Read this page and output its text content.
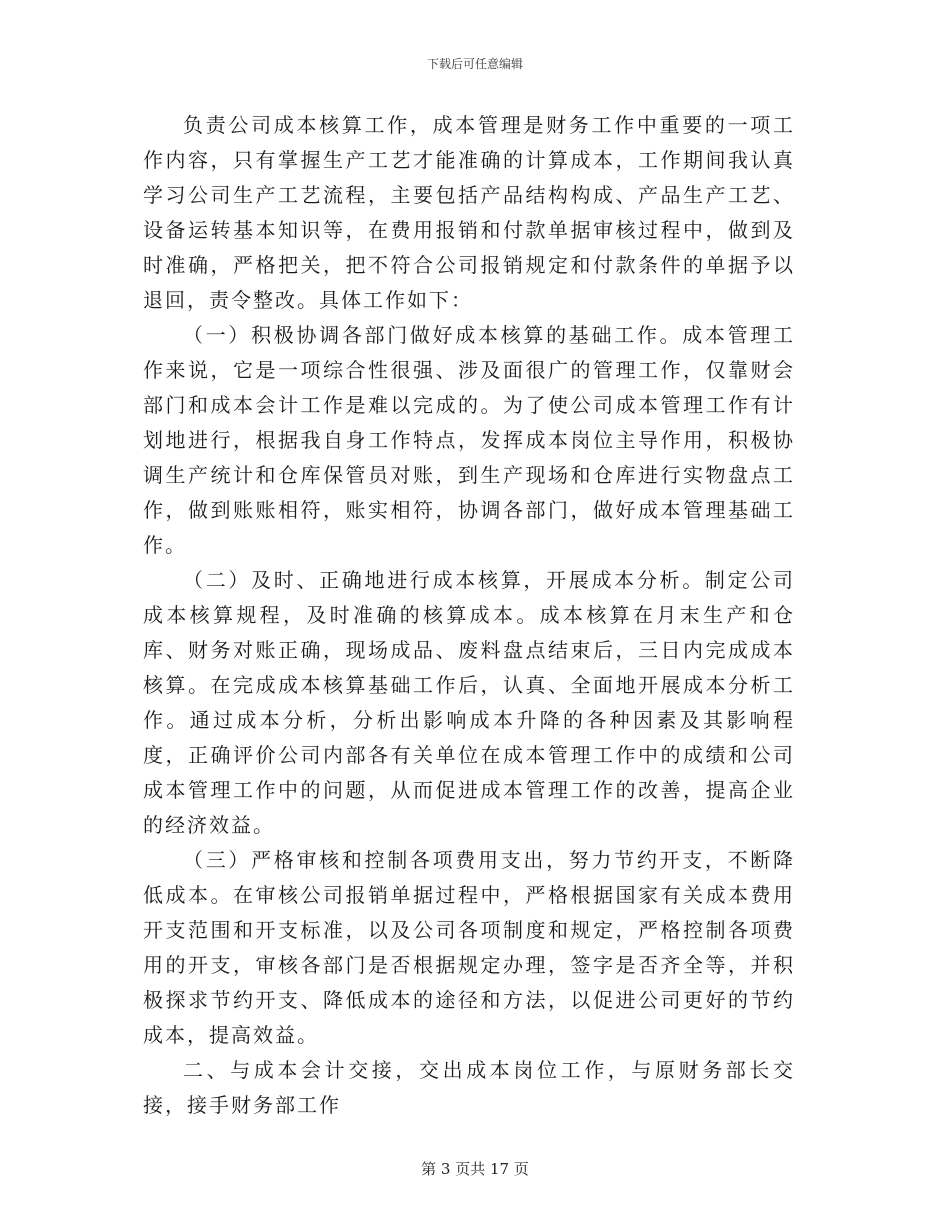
下载后可任意编辑

负责公司成本核算工作，成本管理是财务工作中重要的一项工作内容，只有掌握生产工艺才能准确的计算成本，工作期间我认真学习公司生产工艺流程，主要包括产品结构构成、产品生产工艺、设备运转基本知识等，在费用报销和付款单据审核过程中，做到及时准确，严格把关，把不符合公司报销规定和付款条件的单据予以退回，责令整改。具体工作如下：

（一）积极协调各部门做好成本核算的基础工作。成本管理工作来说，它是一项综合性很强、涉及面很广的管理工作，仅靠财会部门和成本会计工作是难以完成的。为了使公司成本管理工作有计划地进行，根据我自身工作特点，发挥成本岗位主导作用，积极协调生产统计和仓库保管员对账，到生产现场和仓库进行实物盘点工作，做到账账相符，账实相符，协调各部门，做好成本管理基础工作。

（二）及时、正确地进行成本核算，开展成本分析。制定公司成本核算规程，及时准确的核算成本。成本核算在月末生产和仓库、财务对账正确，现场成品、废料盘点结束后，三日内完成成本核算。在完成成本核算基础工作后，认真、全面地开展成本分析工作。通过成本分析，分析出影响成本升降的各种因素及其影响程度，正确评价公司内部各有关单位在成本管理工作中的成绩和公司成本管理工作中的问题，从而促进成本管理工作的改善，提高企业的经济效益。

（三）严格审核和控制各项费用支出，努力节约开支，不断降低成本。在审核公司报销单据过程中，严格根据国家有关成本费用开支范围和开支标准，以及公司各项制度和规定，严格控制各项费用的开支，审核各部门是否根据规定办理，签字是否齐全等，并积极探求节约开支、降低成本的途径和方法，以促进公司更好的节约成本，提高效益。

二、与成本会计交接，交出成本岗位工作，与原财务部长交接，接手财务部工作

第 3 页共 17 页
